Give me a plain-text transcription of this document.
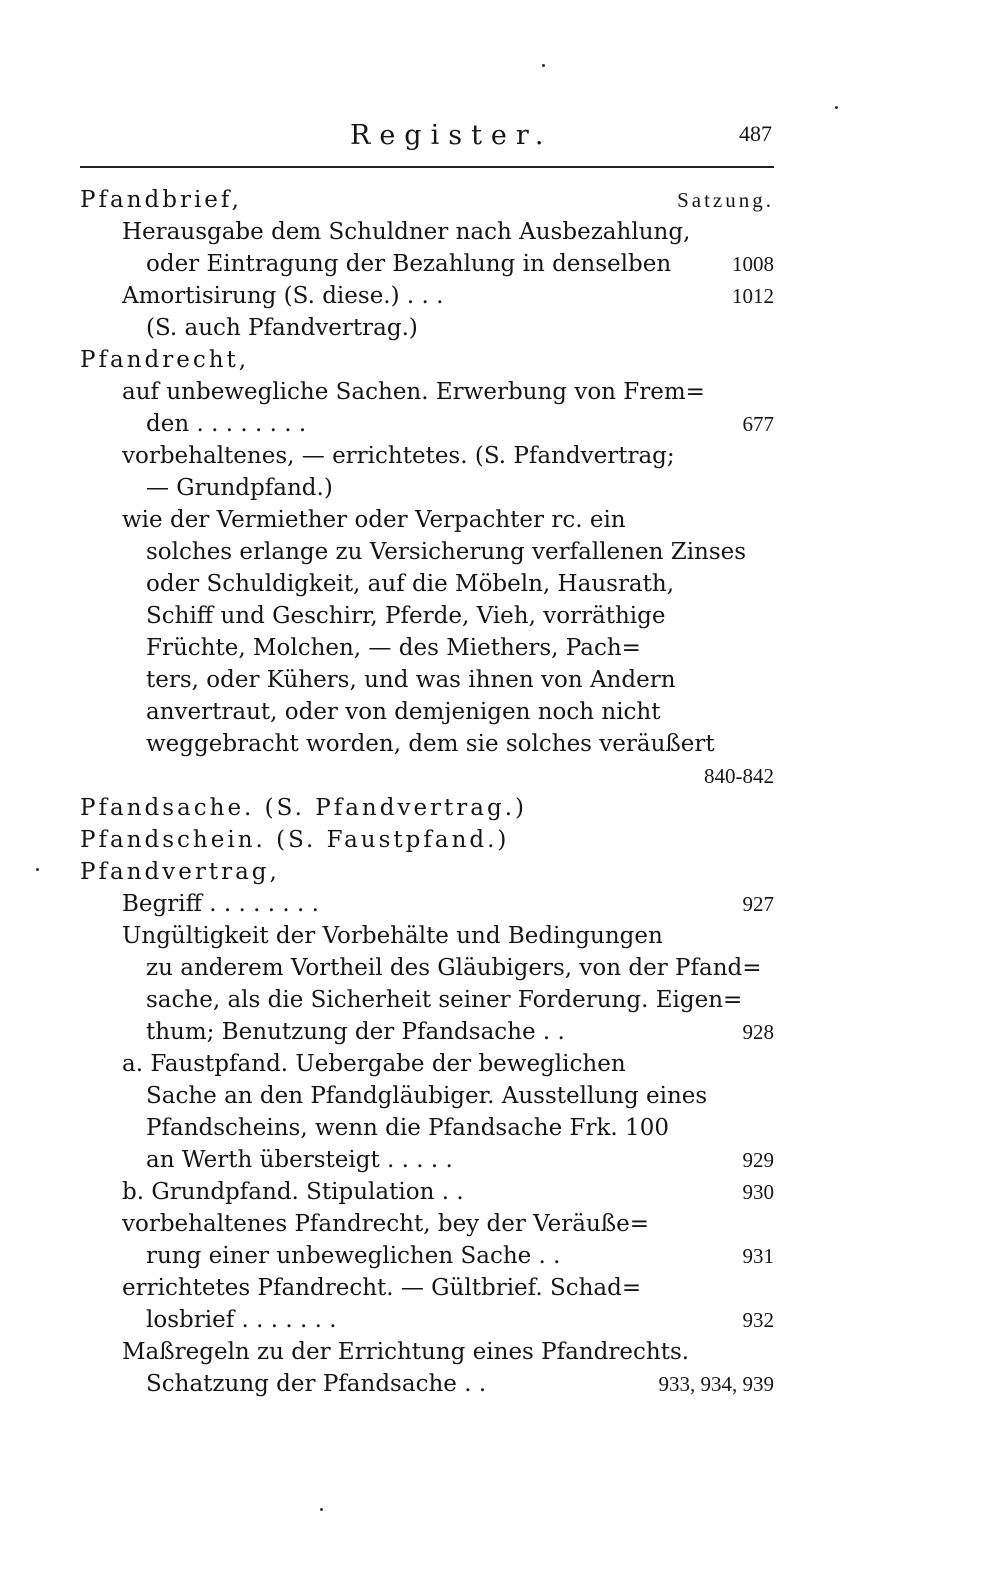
Register.	487
Pfandbrief,	Satzung.
Herausgabe dem Schuldner nach Ausbezahlung,
oder Eintragung der Bezahlung in denselben	1008
Amortisirung (S. diese.) . . .	1012
(S. auch Pfandvertrag.)
Pfandrecht,
auf unbewegliche Sachen. Erwerbung von Frem=
den . . . . . . . .	677
vorbehaltenes, — errichtetes. (S. Pfandvertrag;
— Grundpfand.)
wie der Vermiether oder Verpachter rc. ein
solches erlange zu Versicherung verfallenen Zinses
oder Schuldigkeit, auf die Möbeln, Hausrath,
Schiff und Geschirr, Pferde, Vieh, vorräthige
Früchte, Molchen, — des Miethers, Pach=
ters, oder Kühers, und was ihnen von Andern
anvertraut, oder von demjenigen noch nicht
weggebracht worden, dem sie solches veräußert
840-842
Pfandsache. (S. Pfandvertrag.)
Pfandschein. (S. Faustpfand.)
Pfandvertrag,
Begriff . . . . . . . .	927
Ungültigkeit der Vorbehälte und Bedingungen
zu anderem Vortheil des Gläubigers, von der Pfand=
sache, als die Sicherheit seiner Forderung. Eigen=
thum; Benutzung der Pfandsache . .	928
a. Faustpfand. Uebergabe der beweglichen
Sache an den Pfandgläubiger. Ausstellung eines
Pfandscheins, wenn die Pfandsache Frk. 100
an Werth übersteigt . . . . .	929
b. Grundpfand. Stipulation . .	930
vorbehaltenes Pfandrecht, bey der Veräuße=
rung einer unbeweglichen Sache . .	931
errichtetes Pfandrecht. — Gültbrief. Schad=
losbrief . . . . . . .	932
Maßregeln zu der Errichtung eines Pfandrechts.
Schatzung der Pfandsache . .	933, 934, 939
